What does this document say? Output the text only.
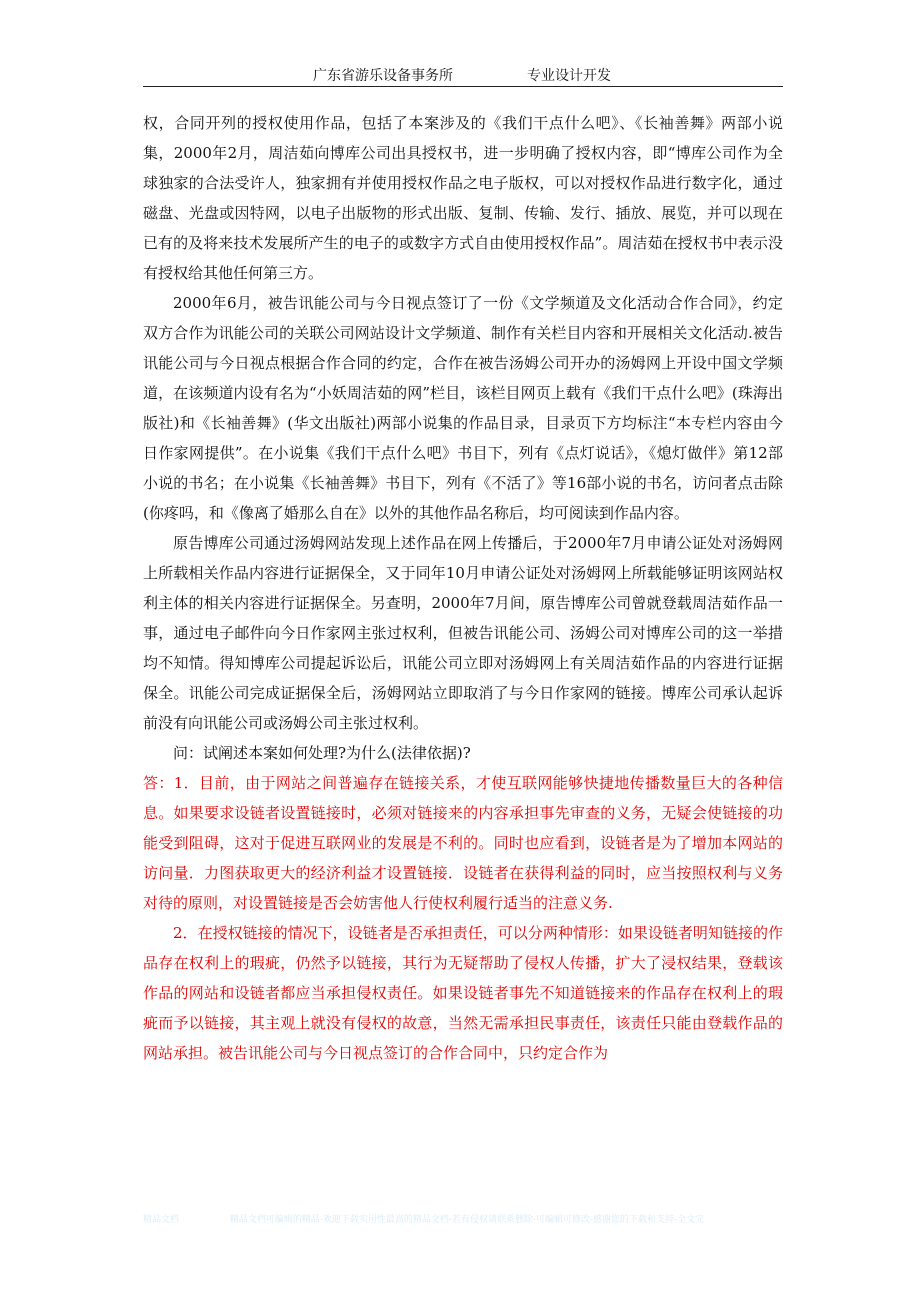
广东省游乐设备事务所	专业设计开发

权，合同开列的授权使用作品，包括了本案涉及的《我们干点什么吧》、《长袖善舞》两部小说集，2000年2月，周洁茹向博库公司出具授权书，进一步明确了授权内容，即“博库公司作为全球独家的合法受许人，独家拥有并使用授权作品之电子版权，可以对授权作品进行数字化，通过磁盘、光盘或因特网，以电子出版物的形式出版、复制、传输、发行、插放、展览，并可以现在已有的及将来技术发展所产生的电子的或数字方式自由使用授权作品”。周洁茹在授权书中表示没有授权给其他任何第三方。

2000年6月，被告讯能公司与今日视点签订了一份《文学频道及文化活动合作合同》，约定双方合作为讯能公司的关联公司网站设计文学频道、制作有关栏目内容和开展相关文化活动.被告讯能公司与今日视点根据合作合同的约定，合作在被告汤姆公司开办的汤姆网上开设中国文学频道，在该频道内设有名为“小妖周洁茹的网”栏目，该栏目网页上载有《我们干点什么吧》(珠海出版社)和《长袖善舞》(华文出版社)两部小说集的作品目录，目录页下方均标注“本专栏内容由今日作家网提供”。在小说集《我们干点什么吧》书目下，列有《点灯说话》，《熄灯做伴》第12部小说的书名；在小说集《长袖善舞》书目下，列有《不活了》等16部小说的书名，访问者点击除(你疼吗，和《像离了婚那么自在》以外的其他作品名称后，均可阅读到作品内容。

原告博库公司通过汤姆网站发现上述作品在网上传播后，于2000年7月申请公证处对汤姆网上所载相关作品内容进行证据保全，又于同年10月申请公证处对汤姆网上所载能够证明该网站权利主体的相关内容进行证据保全。另查明，2000年7月间，原告博库公司曾就登载周洁茹作品一事，通过电子邮件向今日作家网主张过权利，但被告讯能公司、汤姆公司对博库公司的这一举措均不知情。得知博库公司提起诉讼后，讯能公司立即对汤姆网上有关周洁茹作品的内容进行证据保全。讯能公司完成证据保全后，汤姆网站立即取消了与今日作家网的链接。博库公司承认起诉前没有向讯能公司或汤姆公司主张过权利。

问：试阐述本案如何处理?为什么(法律依据)?

答：1．目前，由于网站之间普遍存在链接关系，才使互联网能够快捷地传播数量巨大的各种信息。如果要求设链者设置链接时，必须对链接来的内容承担事先审查的义务，无疑会使链接的功能受到阻碍，这对于促进互联网业的发展是不利的。同时也应看到，设链者是为了增加本网站的访问量．力图获取更大的经济利益才设置链接．设链者在获得利益的同时，应当按照权利与义务对待的原则，对设置链接是否会妨害他人行使权利履行适当的注意义务.

2．在授权链接的情况下，设链者是否承担责任，可以分两种情形：如果设链者明知链接的作品存在权利上的瑕疵，仍然予以链接，其行为无疑帮助了侵权人传播，扩大了浸权结果，登载该作品的网站和设链者都应当承担侵权责任。如果设链者事先不知道链接来的作品存在权利上的瑕疵而予以链接，其主观上就没有侵权的故意，当然无需承担民事责任，该责任只能由登载作品的网站承担。被告讯能公司与今日视点签订的合作合同中，只约定合作为

精品文档	精品文档可编辑的精品-欢迎下载实用性最高的精品文档-若有侵权请联系删除-可编辑可修改-感谢您的下载和支持-全文完
